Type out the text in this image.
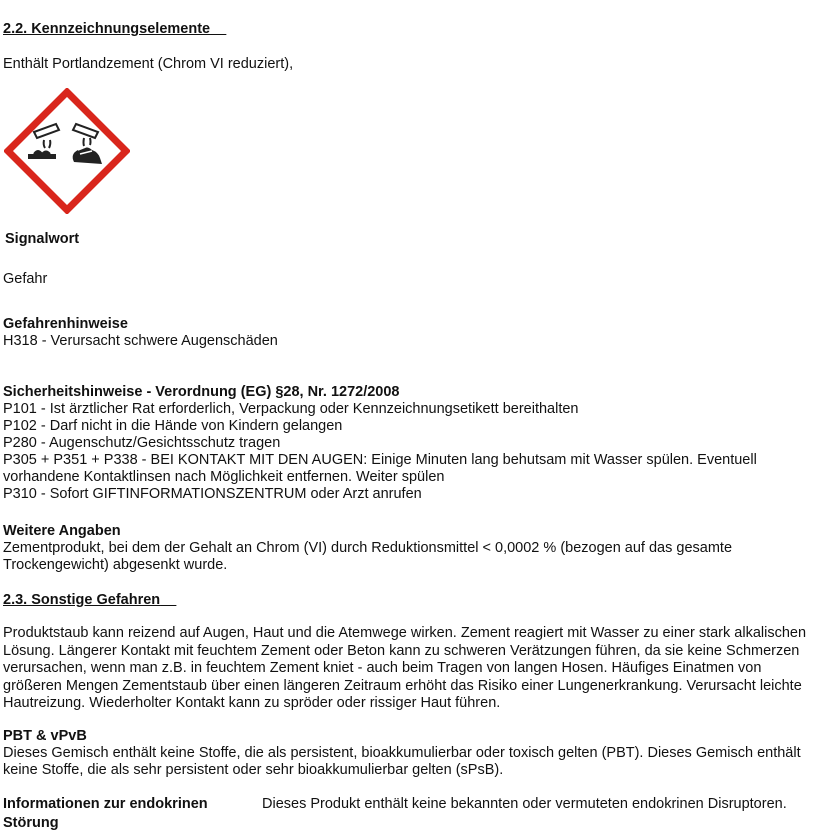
2.2. Kennzeichnungselemente
Enthält Portlandzement (Chrom VI reduziert),
Signalwort
Gefahr
Gefahrenhinweise
H318 - Verursacht schwere Augenschäden
Sicherheitshinweise - Verordnung (EG) §28, Nr. 1272/2008
P101 - Ist ärztlicher Rat erforderlich, Verpackung oder Kennzeichnungsetikett bereithalten
P102 - Darf nicht in die Hände von Kindern gelangen
P280 - Augenschutz/Gesichtsschutz tragen
P305 + P351 + P338 - BEI KONTAKT MIT DEN AUGEN: Einige Minuten lang behutsam mit Wasser spülen. Eventuell
vorhandene Kontaktlinsen nach Möglichkeit entfernen. Weiter spülen
P310 - Sofort GIFTINFORMATIONSZENTRUM oder Arzt anrufen
Weitere Angaben
Zementprodukt, bei dem der Gehalt an Chrom (VI) durch Reduktionsmittel < 0,0002 % (bezogen auf das gesamte
Trockengewicht) abgesenkt wurde.
2.3. Sonstige Gefahren
Produktstaub kann reizend auf Augen, Haut und die Atemwege wirken. Zement reagiert mit Wasser zu einer stark alkalischen
Lösung. Längerer Kontakt mit feuchtem Zement oder Beton kann zu schweren Verätzungen führen, da sie keine Schmerzen
verursachen, wenn man z.B. in feuchtem Zement kniet - auch beim Tragen von langen Hosen. Häufiges Einatmen von
größeren Mengen Zementstaub über einen längeren Zeitraum erhöht das Risiko einer Lungenerkrankung. Verursacht leichte
Hautreizung. Wiederholter Kontakt kann zu spröder oder rissiger Haut führen.
PBT & vPvB
Dieses Gemisch enthält keine Stoffe, die als persistent, bioakkumulierbar oder toxisch gelten (PBT). Dieses Gemisch enthält
keine Stoffe, die als sehr persistent oder sehr bioakkumulierbar gelten (sPsB).
Informationen zur endokrinen
Störung
Dieses Produkt enthält keine bekannten oder vermuteten endokrinen Disruptoren.
